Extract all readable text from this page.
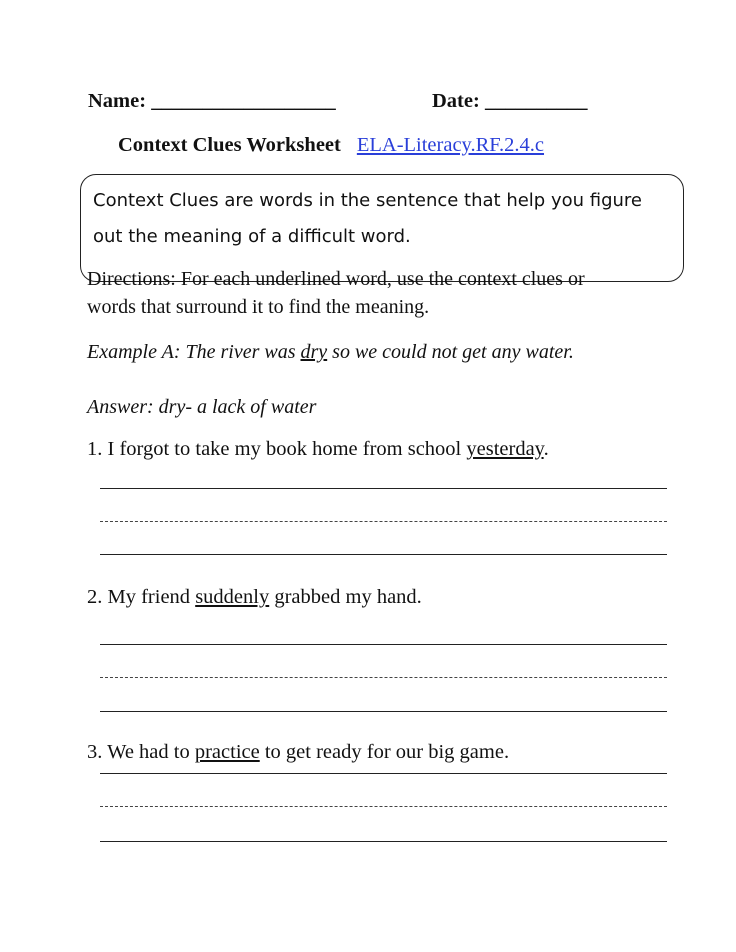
Name: __________________	Date: __________
Context Clues Worksheet ELA-Literacy.RF.2.4.c
Context Clues are words in the sentence that help you figure out the meaning of a difficult word.
Directions: For each underlined word, use the context clues or words that surround it to find the meaning.
Example A: The river was dry so we could not get any water.
Answer: dry- a lack of water
1. I forgot to take my book home from school yesterday.
2. My friend suddenly grabbed my hand.
3. We had to practice to get ready for our big game.
